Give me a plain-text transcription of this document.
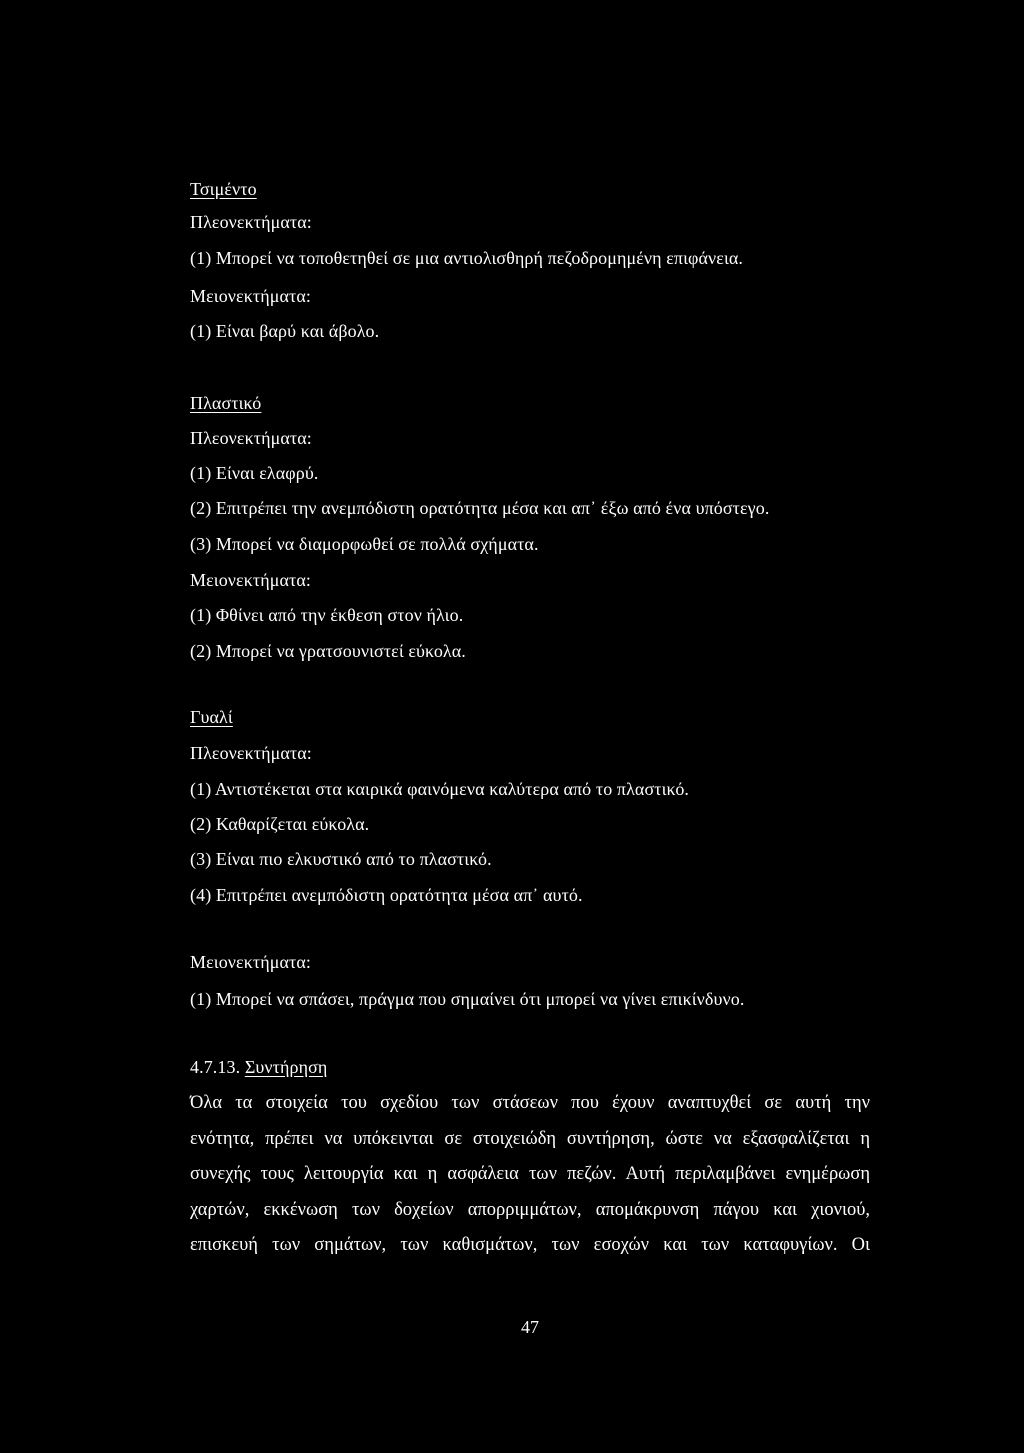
Τσιμέντο
Πλεονεκτήματα:
(1) Μπορεί να τοποθετηθεί σε μια αντιολισθηρή πεζοδρομημένη επιφάνεια.
Μειονεκτήματα:
(1) Είναι βαρύ και άβολο.
Πλαστικό
Πλεονεκτήματα:
(1) Είναι ελαφρύ.
(2) Επιτρέπει την ανεμπόδιστη ορατότητα μέσα και απ᾽ έξω από ένα υπόστεγο.
(3) Μπορεί να διαμορφωθεί σε πολλά σχήματα.
Μειονεκτήματα:
(1) Φθίνει από την έκθεση στον ήλιο.
(2) Μπορεί να γρατσουνιστεί εύκολα.
Γυαλί
Πλεονεκτήματα:
(1) Αντιστέκεται στα καιρικά φαινόμενα καλύτερα από το πλαστικό.
(2) Καθαρίζεται εύκολα.
(3) Είναι πιο ελκυστικό από το πλαστικό.
(4) Επιτρέπει ανεμπόδιστη ορατότητα μέσα απ᾽ αυτό.
Μειονεκτήματα:
(1) Μπορεί να σπάσει, πράγμα που σημαίνει ότι μπορεί να γίνει επικίνδυνο.
4.7.13. Συντήρηση
Όλα τα στοιχεία του σχεδίου των στάσεων που έχουν αναπτυχθεί σε αυτή την
ενότητα, πρέπει να υπόκεινται σε στοιχειώδη συντήρηση, ώστε να εξασφαλίζεται η
συνεχής τους λειτουργία και η ασφάλεια των πεζών. Αυτή περιλαμβάνει ενημέρωση
χαρτών, εκκένωση των δοχείων απορριμμάτων, απομάκρυνση πάγου και χιονιού,
επισκευή των σημάτων, των καθισμάτων, των εσοχών και των καταφυγίων. Οι
47
